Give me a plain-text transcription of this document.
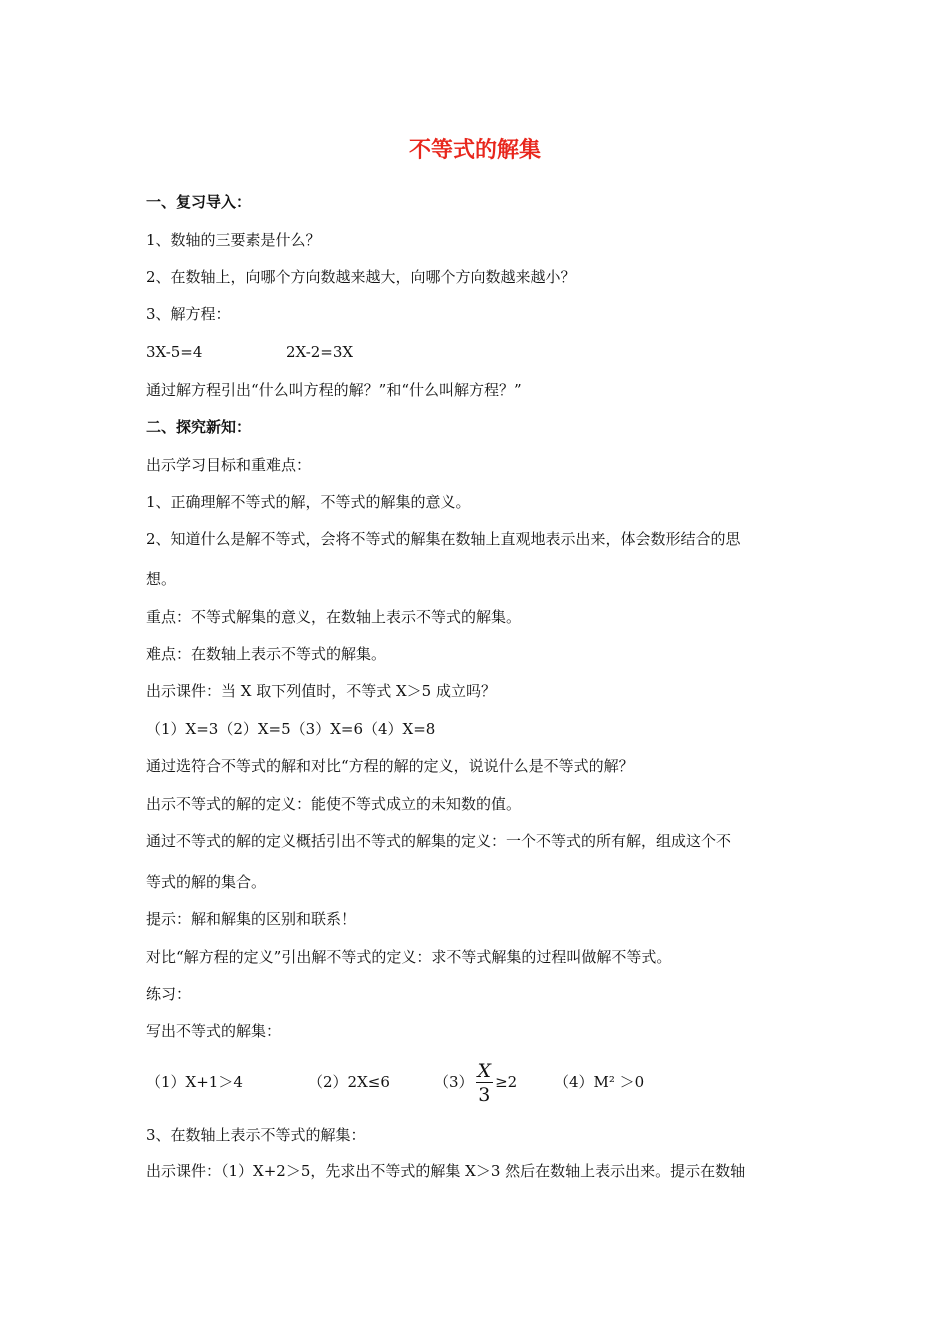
不等式的解集
一、复习导入：
1、数轴的三要素是什么？
2、在数轴上，向哪个方向数越来越大，向哪个方向数越来越小？
3、解方程：
3X-5=4	2X-2=3X
通过解方程引出“什么叫方程的解？”和“什么叫解方程？”
二、探究新知：
出示学习目标和重难点：
1、正确理解不等式的解，不等式的解集的意义。
2、知道什么是解不等式，会将不等式的解集在数轴上直观地表示出来，体会数形结合的思
想。
重点：不等式解集的意义，在数轴上表示不等式的解集。
难点：在数轴上表示不等式的解集。
出示课件：当 X 取下列值时，不等式 X＞5 成立吗？
（1）X=3（2）X=5（3）X=6（4）X=8
通过选符合不等式的解和对比“方程的解的定义，说说什么是不等式的解？
出示不等式的解的定义：能使不等式成立的未知数的值。
通过不等式的解的定义概括引出不等式的解集的定义：一个不等式的所有解，组成这个不
等式的解的集合。
提示：解和解集的区别和联系！
对比“解方程的定义”引出解不等式的定义：求不等式解集的过程叫做解不等式。
练习：
写出不等式的解集：
（1）X+1＞4	（2）2X≤6	$(3) \frac{X}{3} \ge 2$ （4）M² ＞0
3、在数轴上表示不等式的解集：
出示课件：（1）X+2＞5，先求出不等式的解集 X＞3 然后在数轴上表示出来。提示在数轴
